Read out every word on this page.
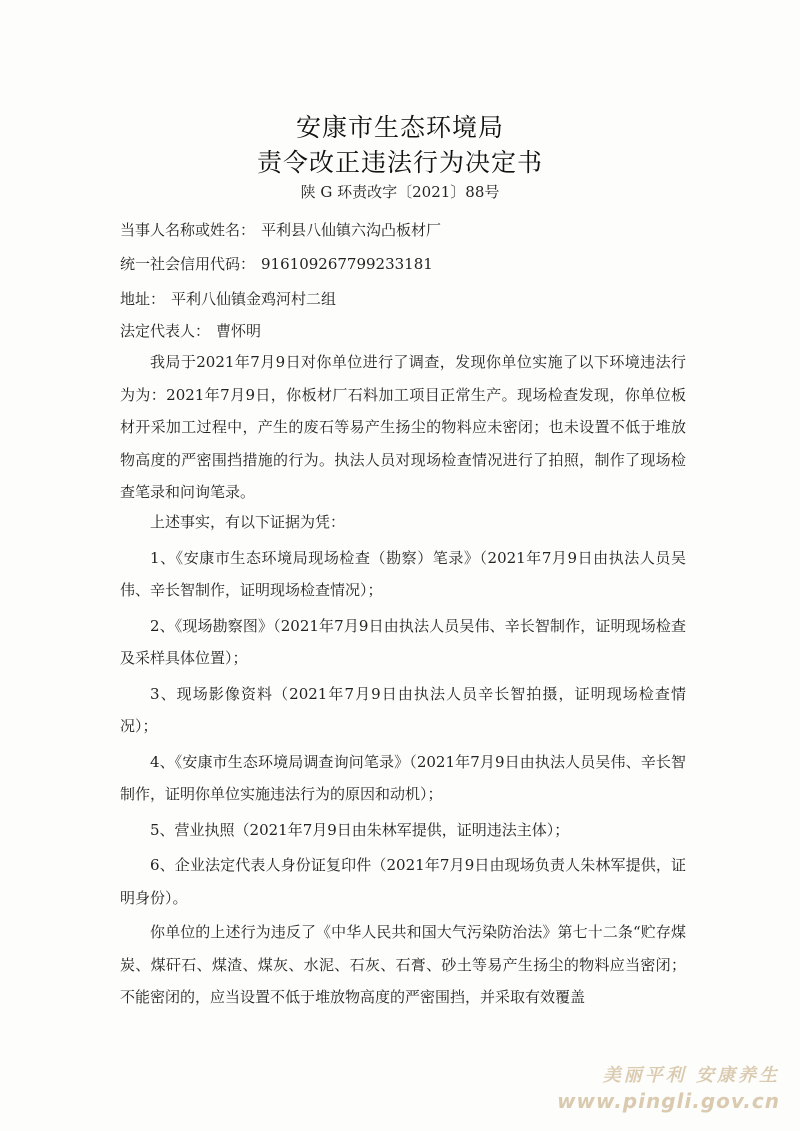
安康市生态环境局
责令改正违法行为决定书
陕 G 环责改字〔2021〕88号
当事人名称或姓名： 平利县八仙镇六沟凸板材厂
统一社会信用代码： 916109267799233181
地址： 平利八仙镇金鸡河村二组
法定代表人： 曹怀明

我局于2021年7月9日对你单位进行了调查，发现你单位实施了以下环境违法行为为：2021年7月9日，你板材厂石料加工项目正常生产。现场检查发现，你单位板材开采加工过程中，产生的废石等易产生扬尘的物料应未密闭；也未设置不低于堆放物高度的严密围挡措施的行为。执法人员对现场检查情况进行了拍照，制作了现场检查笔录和问询笔录。

上述事实，有以下证据为凭：

1、《安康市生态环境局现场检查（勘察）笔录》（2021年7月9日由执法人员吴伟、辛长智制作，证明现场检查情况）；

2、《现场勘察图》（2021年7月9日由执法人员吴伟、辛长智制作，证明现场检查及采样具体位置）；

3、现场影像资料（2021年7月9日由执法人员辛长智拍摄，证明现场检查情况）；

4、《安康市生态环境局调查询问笔录》（2021年7月9日由执法人员吴伟、辛长智制作，证明你单位实施违法行为的原因和动机）；

5、营业执照（2021年7月9日由朱林军提供，证明违法主体）；

6、企业法定代表人身份证复印件（2021年7月9日由现场负责人朱林军提供，证明身份）。

你单位的上述行为违反了《中华人民共和国大气污染防治法》第七十二条“贮存煤炭、煤矸石、煤渣、煤灰、水泥、石灰、石膏、砂土等易产生扬尘的物料应当密闭；不能密闭的，应当设置不低于堆放物高度的严密围挡，并采取有效覆盖

美丽平利 安康养生
www.pingli.gov.cn
